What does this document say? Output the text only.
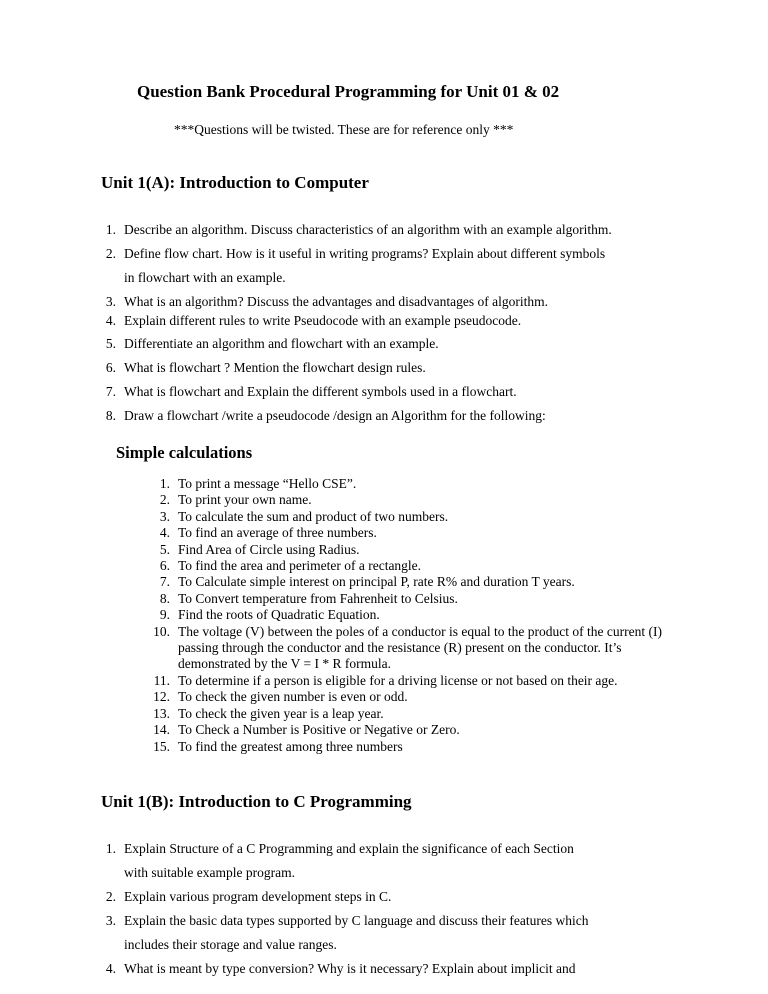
Question Bank Procedural Programming for Unit 01 & 02

***Questions will be twisted. These are for reference only ***

Unit 1(A): Introduction to Computer
1. Describe an algorithm. Discuss characteristics of an algorithm with an example algorithm.
2. Define flow chart. How is it useful in writing programs? Explain about different symbols
in flowchart with an example.
3. What is an algorithm? Discuss the advantages and disadvantages of algorithm.
4. Explain different rules to write Pseudocode with an example pseudocode.
5. Differentiate an algorithm and flowchart with an example.
6. What is flowchart ? Mention the flowchart design rules.
7. What is flowchart and Explain the different symbols used in a flowchart.
8. Draw a flowchart /write a pseudocode /design an Algorithm for the following:
Simple calculations
1. To print a message “Hello CSE”.
2. To print your own name.
3. To calculate the sum and product of two numbers.
4. To find an average of three numbers.
5. Find Area of Circle using Radius.
6. To find the area and perimeter of a rectangle.
7. To Calculate simple interest on principal P, rate R% and duration T years.
8. To Convert temperature from Fahrenheit to Celsius.
9. Find the roots of Quadratic Equation.
10. The voltage (V) between the poles of a conductor is equal to the product of the current (I) passing through the conductor and the resistance (R) present on the conductor. It’s demonstrated by the V = I * R formula.
11. To determine if a person is eligible for a driving license or not based on their age.
12. To check the given number is even or odd.
13. To check the given year is a leap year.
14. To Check a Number is Positive or Negative or Zero.
15. To find the greatest among three numbers
Unit 1(B): Introduction to C Programming
1. Explain Structure of a C Programming and explain the significance of each Section
with suitable example program.
2. Explain various program development steps in C.
3. Explain the basic data types supported by C language and discuss their features which
includes their storage and value ranges.
4. What is meant by type conversion? Why is it necessary? Explain about implicit and
